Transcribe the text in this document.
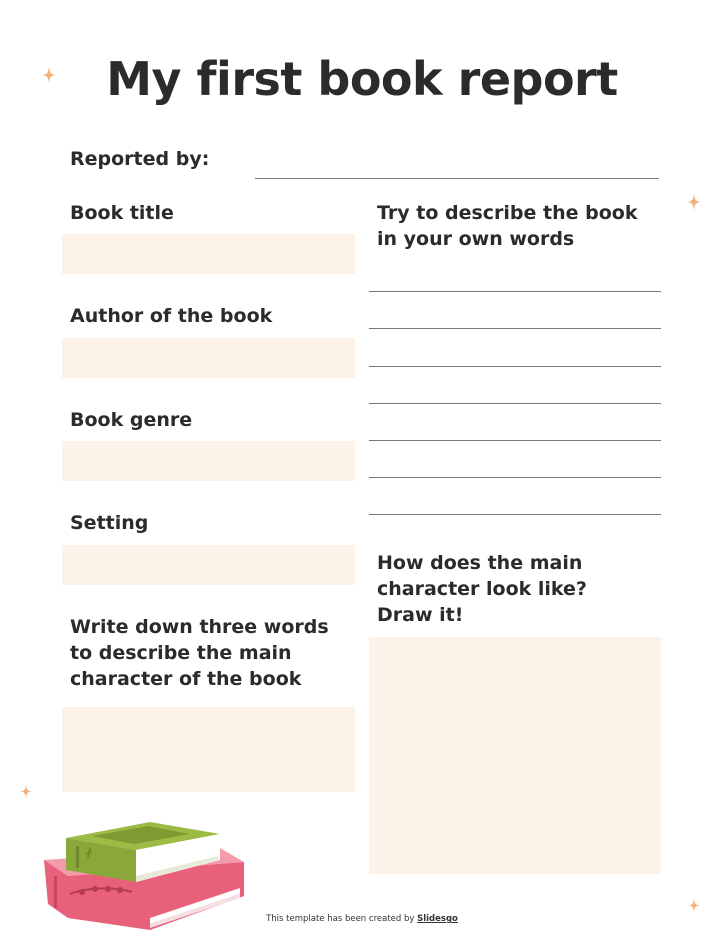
My first book report
Reported by:
Book title
Author of the book
Book genre
Setting
Write down three words
to describe the main
character of the book
Try to describe the book
in your own words
How does the main
character look like?
Draw it!
This template has been created by Slidesgo
